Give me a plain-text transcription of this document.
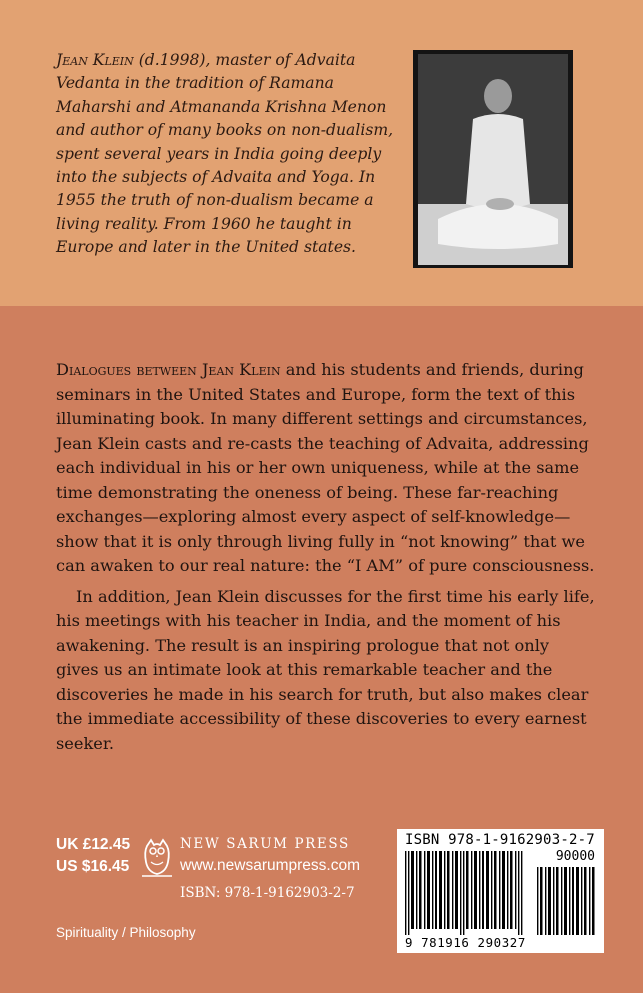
Jean Klein (d.1998), master of Advaita Vedanta in the tradition of Ramana Maharshi and Atmananda Krishna Menon and author of many books on non-dualism, spent several years in India going deeply into the subjects of Advaita and Yoga. In 1955 the truth of non-dualism became a living reality. From 1960 he taught in Europe and later in the United states.

Dialogues between Jean Klein and his students and friends, during seminars in the United States and Europe, form the text of this illuminating book. In many different settings and circumstances, Jean Klein casts and re-casts the teaching of Advaita, addressing each individual in his or her own uniqueness, while at the same time demonstrating the oneness of being. These far-reaching exchanges—exploring almost every aspect of self-knowledge—show that it is only through living fully in “not knowing” that we can awaken to our real nature: the “I AM” of pure consciousness.

In addition, Jean Klein discusses for the first time his early life, his meetings with his teacher in India, and the moment of his awakening. The result is an inspiring prologue that not only gives us an intimate look at this remarkable teacher and the discoveries he made in his search for truth, but also makes clear the immediate accessibility of these discoveries to every earnest seeker.

UK £12.45
US $16.45
NEW SARUM PRESS
www.newsarumpress.com
ISBN: 978-1-9162903-2-7
Spirituality / Philosophy
ISBN 978-1-9162903-2-7
90000
9 781916 290327
